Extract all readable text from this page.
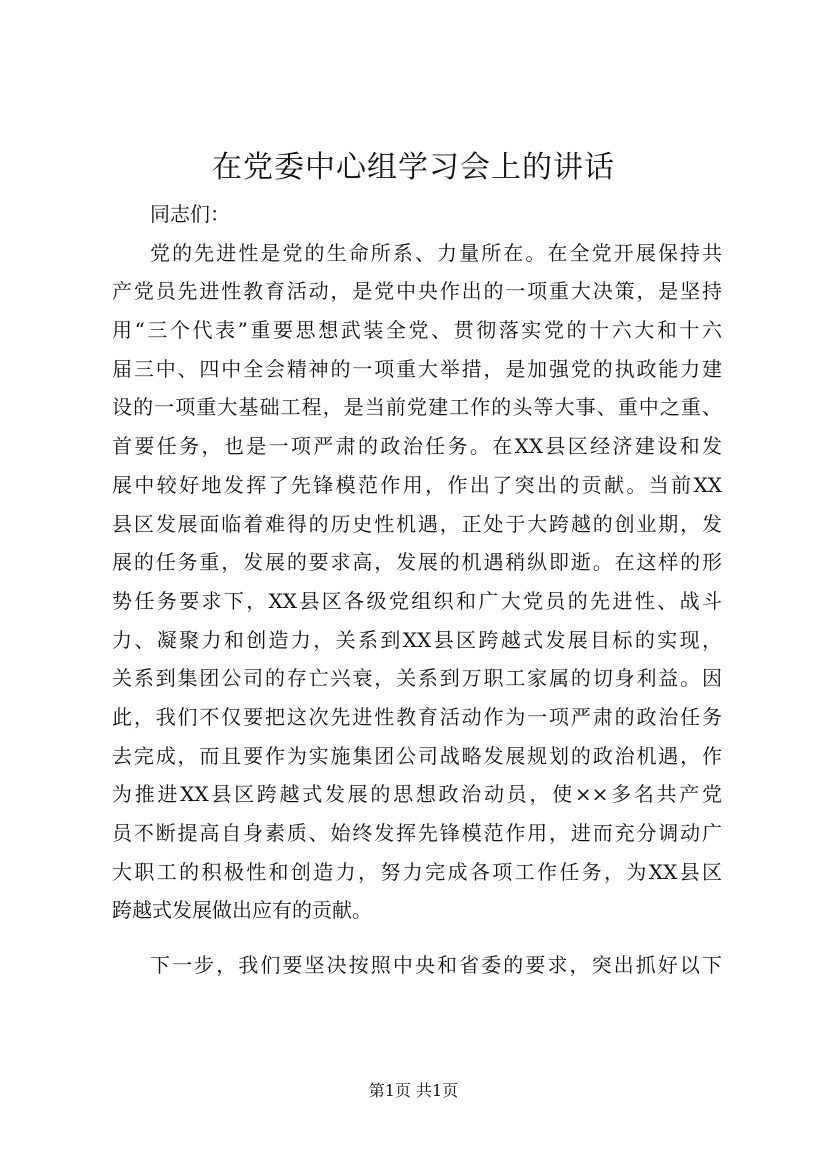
在党委中心组学习会上的讲话
同志们：
党的先进性是党的生命所系、力量所在。在全党开展保持共
产党员先进性教育活动，是党中央作出的一项重大决策，是坚持
用“三个代表”重要思想武装全党、贯彻落实党的十六大和十六
届三中、四中全会精神的一项重大举措，是加强党的执政能力建
设的一项重大基础工程，是当前党建工作的头等大事、重中之重、
首要任务，也是一项严肃的政治任务。在XX县区经济建设和发
展中较好地发挥了先锋模范作用，作出了突出的贡献。当前XX
县区发展面临着难得的历史性机遇，正处于大跨越的创业期，发
展的任务重，发展的要求高，发展的机遇稍纵即逝。在这样的形
势任务要求下，XX县区各级党组织和广大党员的先进性、战斗
力、凝聚力和创造力，关系到XX县区跨越式发展目标的实现，
关系到集团公司的存亡兴衰，关系到万职工家属的切身利益。因
此，我们不仅要把这次先进性教育活动作为一项严肃的政治任务
去完成，而且要作为实施集团公司战略发展规划的政治机遇，作
为推进XX县区跨越式发展的思想政治动员，使××多名共产党
员不断提高自身素质、始终发挥先锋模范作用，进而充分调动广
大职工的积极性和创造力，努力完成各项工作任务，为XX县区
跨越式发展做出应有的贡献。
下一步，我们要坚决按照中央和省委的要求，突出抓好以下
第1页 共1页
